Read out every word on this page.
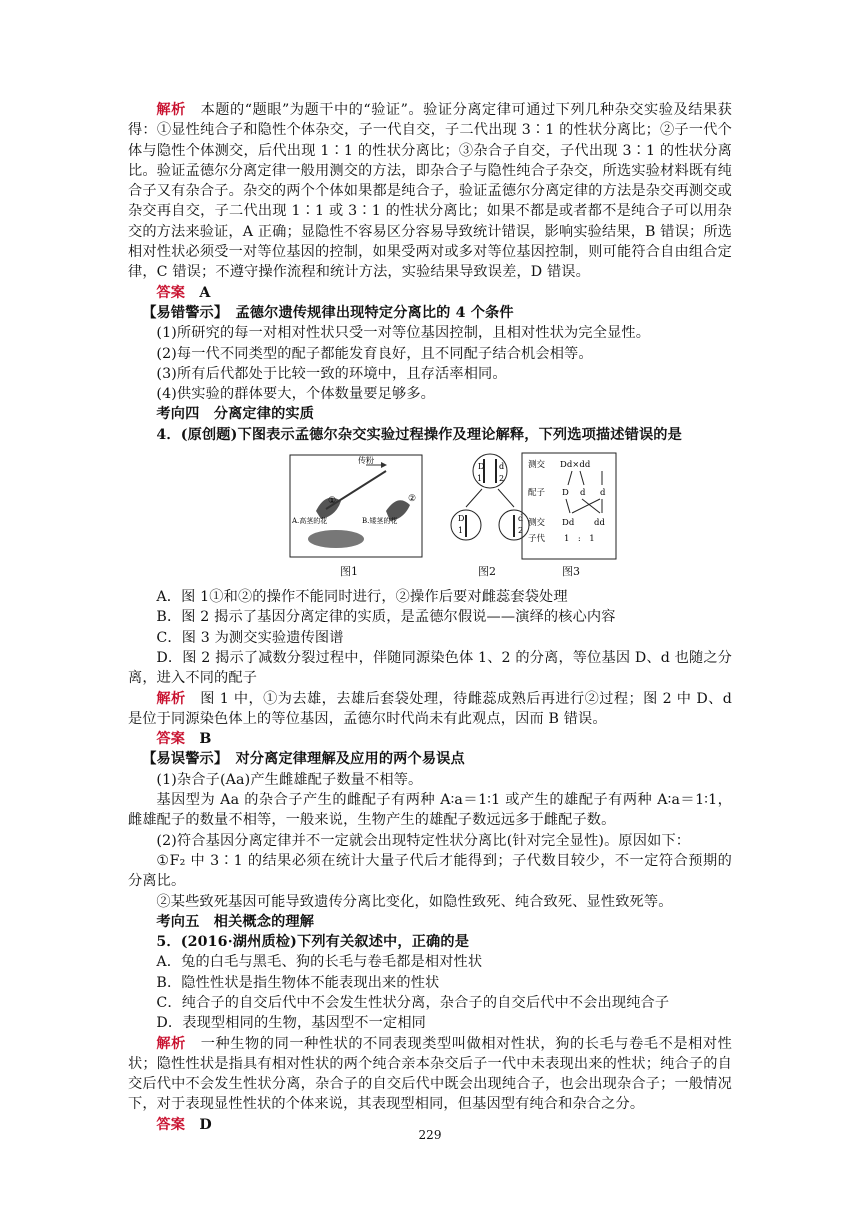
解析　 本题的“题眼”为题干中的“验证”。验证分离定律可通过下列几种杂交实验及结果获得：①显性纯合子和隐性个体杂交，子一代自交，子二代出现 3∶1 的性状分离比；②子一代个体与隐性个体测交，后代出现 1∶1 的性状分离比；③杂合子自交，子代出现 3∶1 的性状分离比。验证孟德尔分离定律一般用测交的方法，即杂合子与隐性纯合子杂交，所选实验材料既有纯合子又有杂合子。杂交的两个个体如果都是纯合子，验证孟德尔分离定律的方法是杂交再测交或杂交再自交，子二代出现 1∶1 或 3∶1 的性状分离比；如果不都是或者都不是纯合子可以用杂交的方法来验证，A 正确；显隐性不容易区分容易导致统计错误，影响实验结果，B 错误；所选相对性状必须受一对等位基因的控制，如果受两对或多对等位基因控制，则可能符合自由组合定律，C 错误；不遵守操作流程和统计方法，实验结果导致误差，D 错误。

答案　 A

【易错警示】　孟德尔遗传规律出现特定分离比的 4 个条件

(1)所研究的每一对相对性状只受一对等位基因控制，且相对性状为完全显性。

(2)每一代不同类型的配子都能发育良好，且不同配子结合机会相等。

(3)所有后代都处于比较一致的环境中，且存活率相同。

(4)供实验的群体要大，个体数量要足够多。

考向四　分离定律的实质

4．(原创题)下图表示孟德尔杂交实验过程操作及理论解释，下列选项描述错误的是

传粉
①	②
A.高茎的花	B.矮茎的花
D d
1 2
D
1
d
2
测交 Dd×dd
配子 D d d
测交 Dd dd
子代 1　:　1
图1	图2	图3

A．图 1①和②的操作不能同时进行，②操作后要对雌蕊套袋处理

B．图 2 揭示了基因分离定律的实质，是孟德尔假说——演绎的核心内容

C．图 3 为测交实验遗传图谱

D．图 2 揭示了减数分裂过程中，伴随同源染色体 1、2 的分离，等位基因 D、d 也随之分离，进入不同的配子

解析　 图 1 中，①为去雄，去雄后套袋处理，待雌蕊成熟后再进行②过程；图 2 中 D、d 是位于同源染色体上的等位基因，孟德尔时代尚未有此观点，因而 B 错误。

答案　 B

【易误警示】　对分离定律理解及应用的两个易误点

(1)杂合子(Aa)产生雌雄配子数量不相等。

基因型为 Aa 的杂合子产生的雌配子有两种 A∶a＝1∶1 或产生的雄配子有两种 A∶a＝1∶1，雌雄配子的数量不相等，一般来说，生物产生的雄配子数远远多于雌配子数。

(2)符合基因分离定律并不一定就会出现特定性状分离比(针对完全显性)。原因如下：

①F₂ 中 3∶1 的结果必须在统计大量子代后才能得到；子代数目较少，不一定符合预期的分离比。

②某些致死基因可能导致遗传分离比变化，如隐性致死、纯合致死、显性致死等。

考向五　相关概念的理解

5．(2016·湖州质检)下列有关叙述中，正确的是

A．兔的白毛与黑毛、狗的长毛与卷毛都是相对性状

B．隐性性状是指生物体不能表现出来的性状

C．纯合子的自交后代中不会发生性状分离，杂合子的自交后代中不会出现纯合子

D．表现型相同的生物，基因型不一定相同

解析　 一种生物的同一种性状的不同表现类型叫做相对性状，狗的长毛与卷毛不是相对性状；隐性性状是指具有相对性状的两个纯合亲本杂交后子一代中未表现出来的性状；纯合子的自交后代中不会发生性状分离，杂合子的自交后代中既会出现纯合子，也会出现杂合子；一般情况下，对于表现显性性状的个体来说，其表现型相同，但基因型有纯合和杂合之分。

答案　 D

229
